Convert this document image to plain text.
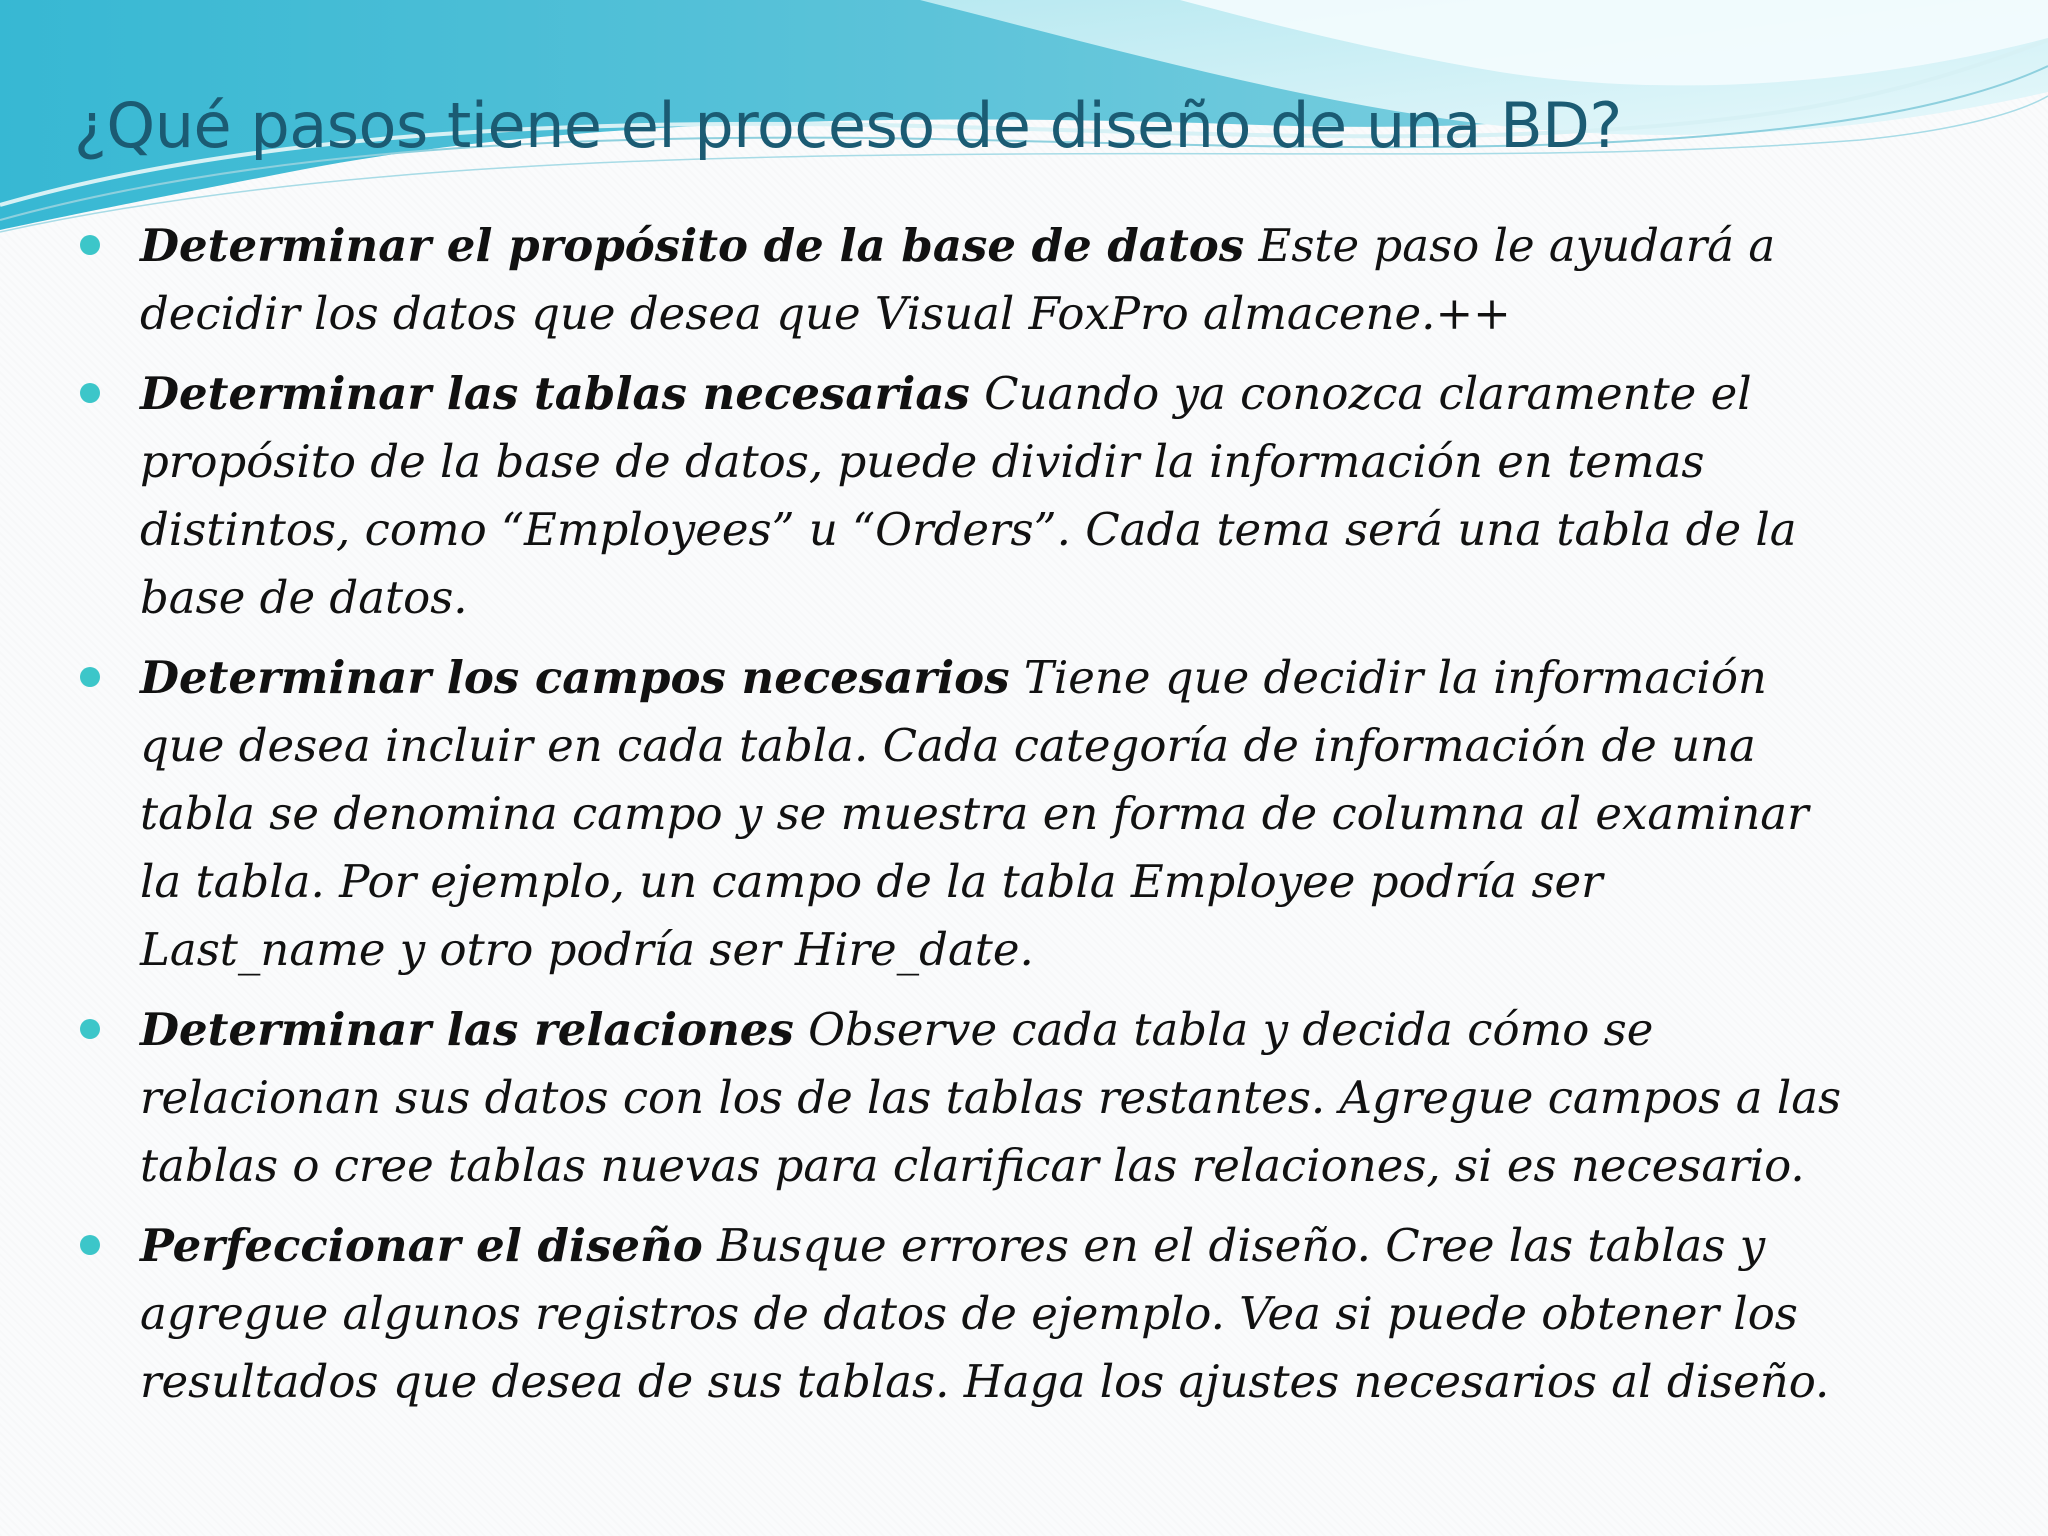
¿Qué pasos tiene el proceso de diseño de una BD?
Determinar el propósito de la base de datos Este paso le ayudará a
decidir los datos que desea que Visual FoxPro almacene.++
Determinar las tablas necesarias Cuando ya conozca claramente el
propósito de la base de datos, puede dividir la información en temas
distintos, como “Employees” u “Orders”. Cada tema será una tabla de la
base de datos.
Determinar los campos necesarios Tiene que decidir la información
que desea incluir en cada tabla. Cada categoría de información de una
tabla se denomina campo y se muestra en forma de columna al examinar
la tabla. Por ejemplo, un campo de la tabla Employee podría ser
Last_name y otro podría ser Hire_date.
Determinar las relaciones Observe cada tabla y decida cómo se
relacionan sus datos con los de las tablas restantes. Agregue campos a las
tablas o cree tablas nuevas para clarificar las relaciones, si es necesario.
Perfeccionar el diseño Busque errores en el diseño. Cree las tablas y
agregue algunos registros de datos de ejemplo. Vea si puede obtener los
resultados que desea de sus tablas. Haga los ajustes necesarios al diseño.
